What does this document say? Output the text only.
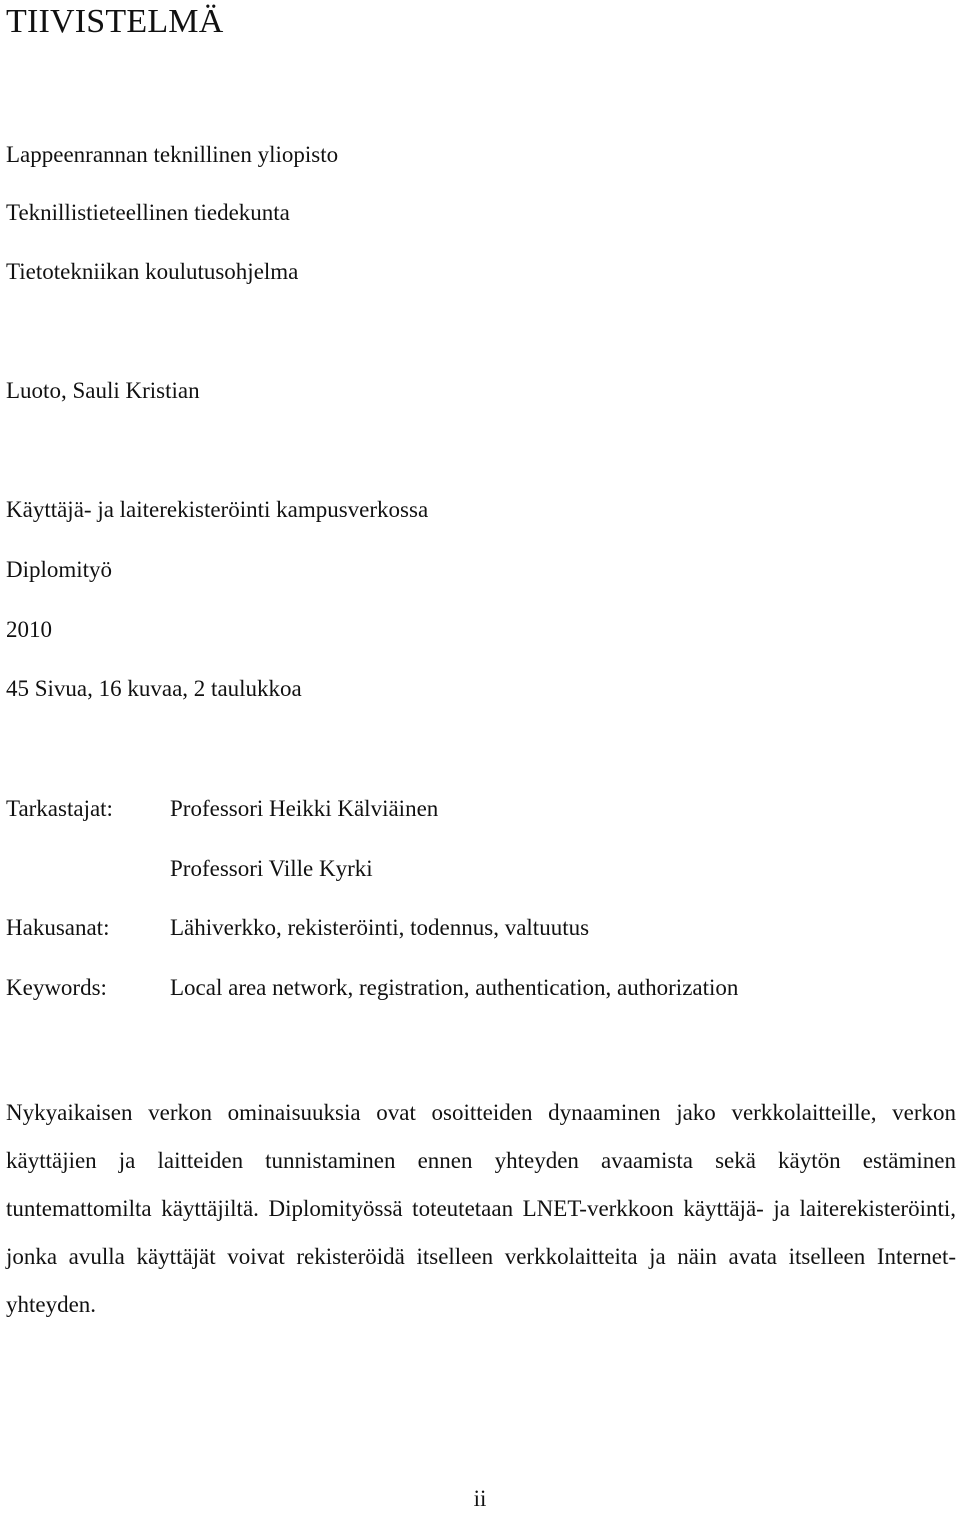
TIIVISTELMÄ
Lappeenrannan teknillinen yliopisto
Teknillistieteellinen tiedekunta
Tietotekniikan koulutusohjelma
Luoto, Sauli Kristian
Käyttäjä- ja laiterekisteröinti kampusverkossa
Diplomityö
2010
45 Sivua, 16 kuvaa, 2 taulukkoa
Tarkastajat: Professori Heikki Kälviäinen
Professori Ville Kyrki
Hakusanat:	Lähiverkko, rekisteröinti, todennus, valtuutus
Keywords:	Local area network, registration, authentication, authorization

Nykyaikaisen verkon ominaisuuksia ovat osoitteiden dynaaminen jako verkkolaitteille, verkon käyttäjien ja laitteiden tunnistaminen ennen yhteyden avaamista sekä käytön estäminen tuntemattomilta käyttäjiltä. Diplomityössä toteutetaan LNET-verkkoon käyttäjä- ja laiterekisteröinti, jonka avulla käyttäjät voivat rekisteröidä itselleen verkkolaitteita ja näin avata itselleen Internet-yhteyden.

ii
